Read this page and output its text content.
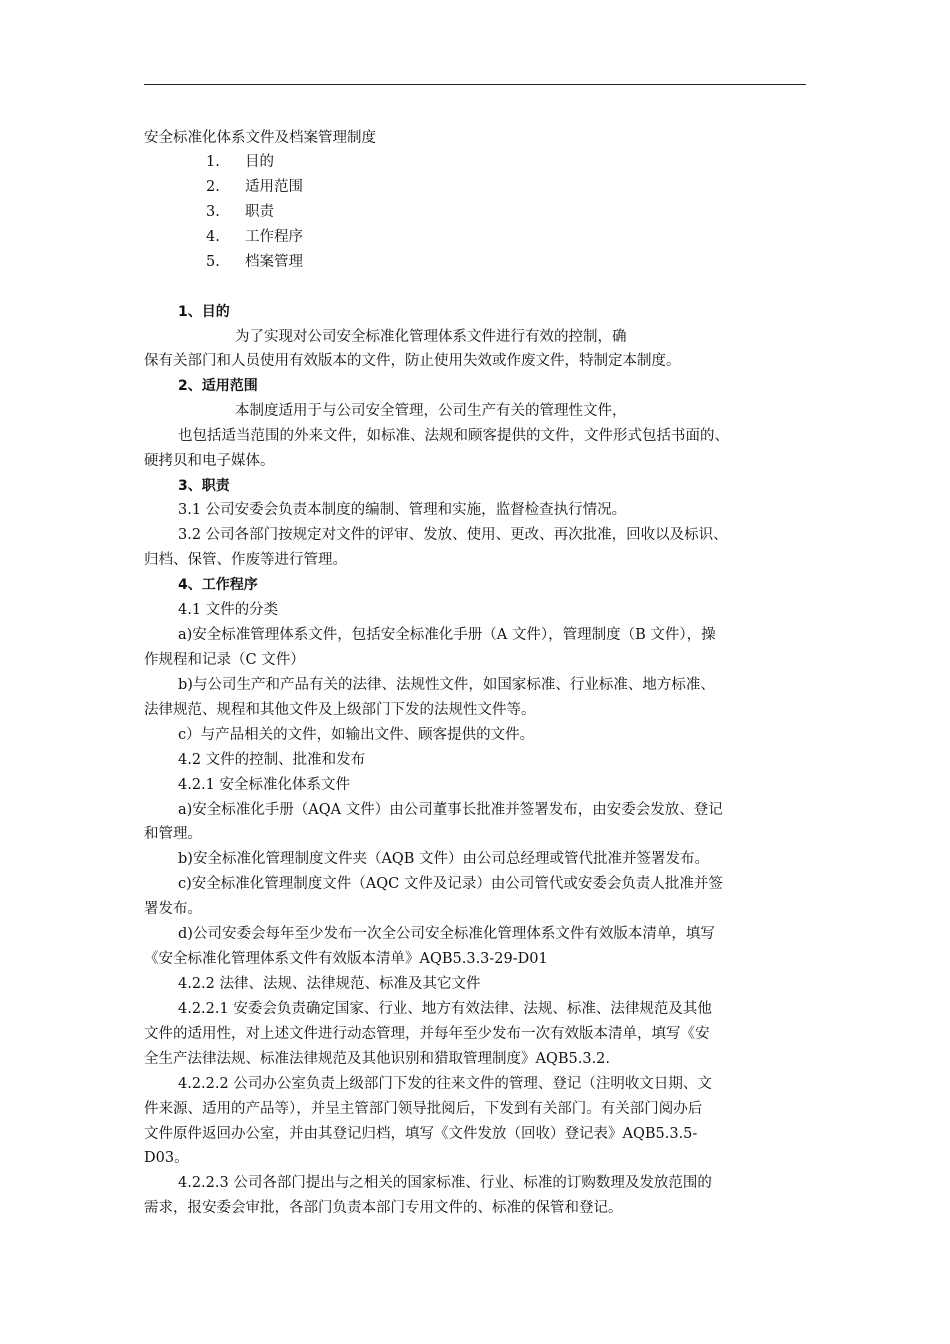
安全标准化体系文件及档案管理制度
1. 目的
2. 适用范围
3. 职责
4. 工作程序
5. 档案管理
1、目的
为了实现对公司安全标准化管理体系文件进行有效的控制，确
保有关部门和人员使用有效版本的文件，防止使用失效或作废文件，特制定本制度。
2、适用范围
本制度适用于与公司安全管理，公司生产有关的管理性文件，
也包括适当范围的外来文件，如标准、法规和顾客提供的文件，文件形式包括书面的、
硬拷贝和电子媒体。
3、职责
3.1 公司安委会负责本制度的编制、管理和实施，监督检查执行情况。
3.2 公司各部门按规定对文件的评审、发放、使用、更改、再次批准，回收以及标识、
归档、保管、作废等进行管理。
4、工作程序
4.1 文件的分类
a)安全标准管理体系文件，包括安全标准化手册（A 文件），管理制度（B 文件），操
作规程和记录（C 文件）
b)与公司生产和产品有关的法律、法规性文件，如国家标准、行业标准、地方标准、
法律规范、规程和其他文件及上级部门下发的法规性文件等。
c）与产品相关的文件，如输出文件、顾客提供的文件。
4.2 文件的控制、批准和发布
4.2.1 安全标准化体系文件
a)安全标准化手册（AQA 文件）由公司董事长批准并签署发布，由安委会发放、登记
和管理。
b)安全标准化管理制度文件夹（AQB 文件）由公司总经理或管代批准并签署发布。
c)安全标准化管理制度文件（AQC 文件及记录）由公司管代或安委会负责人批准并签
署发布。
d)公司安委会每年至少发布一次全公司安全标准化管理体系文件有效版本清单，填写
《安全标准化管理体系文件有效版本清单》AQB5.3.3-29-D01
4.2.2 法律、法规、法律规范、标准及其它文件
4.2.2.1 安委会负责确定国家、行业、地方有效法律、法规、标准、法律规范及其他
文件的适用性，对上述文件进行动态管理，并每年至少发布一次有效版本清单，填写《安
全生产法律法规、标准法律规范及其他识别和猎取管理制度》AQB5.3.2.
4.2.2.2 公司办公室负责上级部门下发的往来文件的管理、登记（注明收文日期、文
件来源、适用的产品等），并呈主管部门领导批阅后，下发到有关部门。有关部门阅办后
文件原件返回办公室，并由其登记归档，填写《文件发放（回收）登记表》AQB5.3.5-
D03。
4.2.2.3 公司各部门提出与之相关的国家标准、行业、标准的订购数理及发放范围的
需求，报安委会审批，各部门负责本部门专用文件的、标准的保管和登记。
